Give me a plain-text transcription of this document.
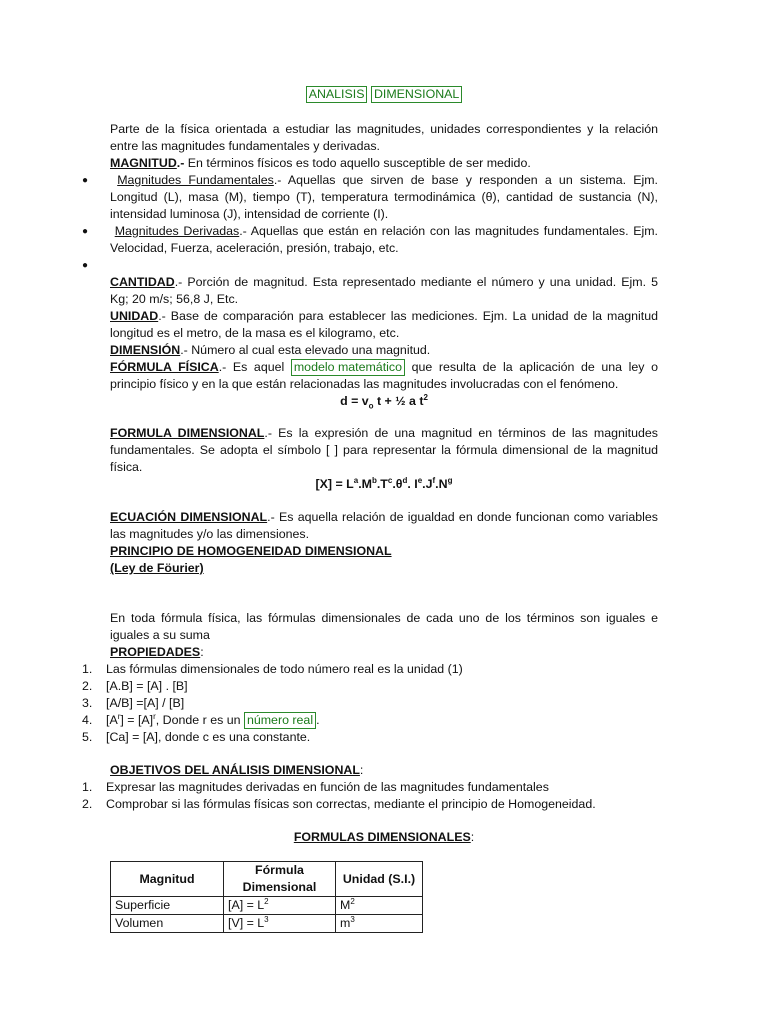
ANALISIS DIMENSIONAL

Parte de la física orientada a estudiar las magnitudes, unidades correspondientes y la relación entre las magnitudes fundamentales y derivadas.

MAGNITUD.- En términos físicos es todo aquello susceptible de ser medido.

●	Magnitudes Fundamentales.- Aquellas que sirven de base y responden a un sistema. Ejm. Longitud (L), masa (M), tiempo (T), temperatura termodinámica (θ), cantidad de sustancia (N), intensidad luminosa (J), intensidad de corriente (I).

●	Magnitudes Derivadas.- Aquellas que están en relación con las magnitudes fundamentales. Ejm. Velocidad, Fuerza, aceleración, presión, trabajo, etc.

●

CANTIDAD.- Porción de magnitud. Esta representado mediante el número y una unidad. Ejm. 5 Kg; 20 m/s; 56,8 J, Etc.

UNIDAD.- Base de comparación para establecer las mediciones. Ejm. La unidad de la magnitud longitud es el metro, de la masa es el kilogramo, etc.

DIMENSIÓN.- Número al cual esta elevado una magnitud.

FÓRMULA FÍSICA.- Es aquel modelo matemático que resulta de la aplicación de una ley o principio físico y en la que están relacionadas las magnitudes involucradas con el fenómeno.

$d = v_o$ t + ½ a $t^2$

FORMULA DIMENSIONAL.- Es la expresión de una magnitud en términos de las magnitudes fundamentales. Se adopta el símbolo [ ] para representar la fórmula dimensional de la magnitud física.

$[X] = L^a.M^b.T^c.\theta^d$. $Ie.J^f.N^g$

ECUACIÓN DIMENSIONAL.- Es aquella relación de igualdad en donde funcionan como variables las magnitudes y/o las dimensiones.

PRINCIPIO DE HOMOGENEIDAD DIMENSIONAL

(Ley de Föurier)

En toda fórmula física, las fórmulas dimensionales de cada uno de los términos son iguales e iguales a su suma

PROPIEDADES:

1. Las fórmulas dimensionales de todo número real es la unidad (1)
2. [A.B] = [A] . [B]
3. [A/B] =[A] / [B]
4. $[A^r] = [A]^r$, Donde r es un número real .
5. [Ca] = [A], donde c es una constante.

OBJETIVOS DEL ANÁLISIS DIMENSIONAL:

1. Expresar las magnitudes derivadas en función de las magnitudes fundamentales
2. Comprobar si las fórmulas físicas son correctas, mediante el principio de Homogeneidad.
FORMULAS DIMENSIONALES:
Magnitud	Fórmula Dimensional	Unidad (S.I.)
Superficie	$[A] = L^2$	$M^2$
Volumen	$[V] = L^3$	$m^3$
